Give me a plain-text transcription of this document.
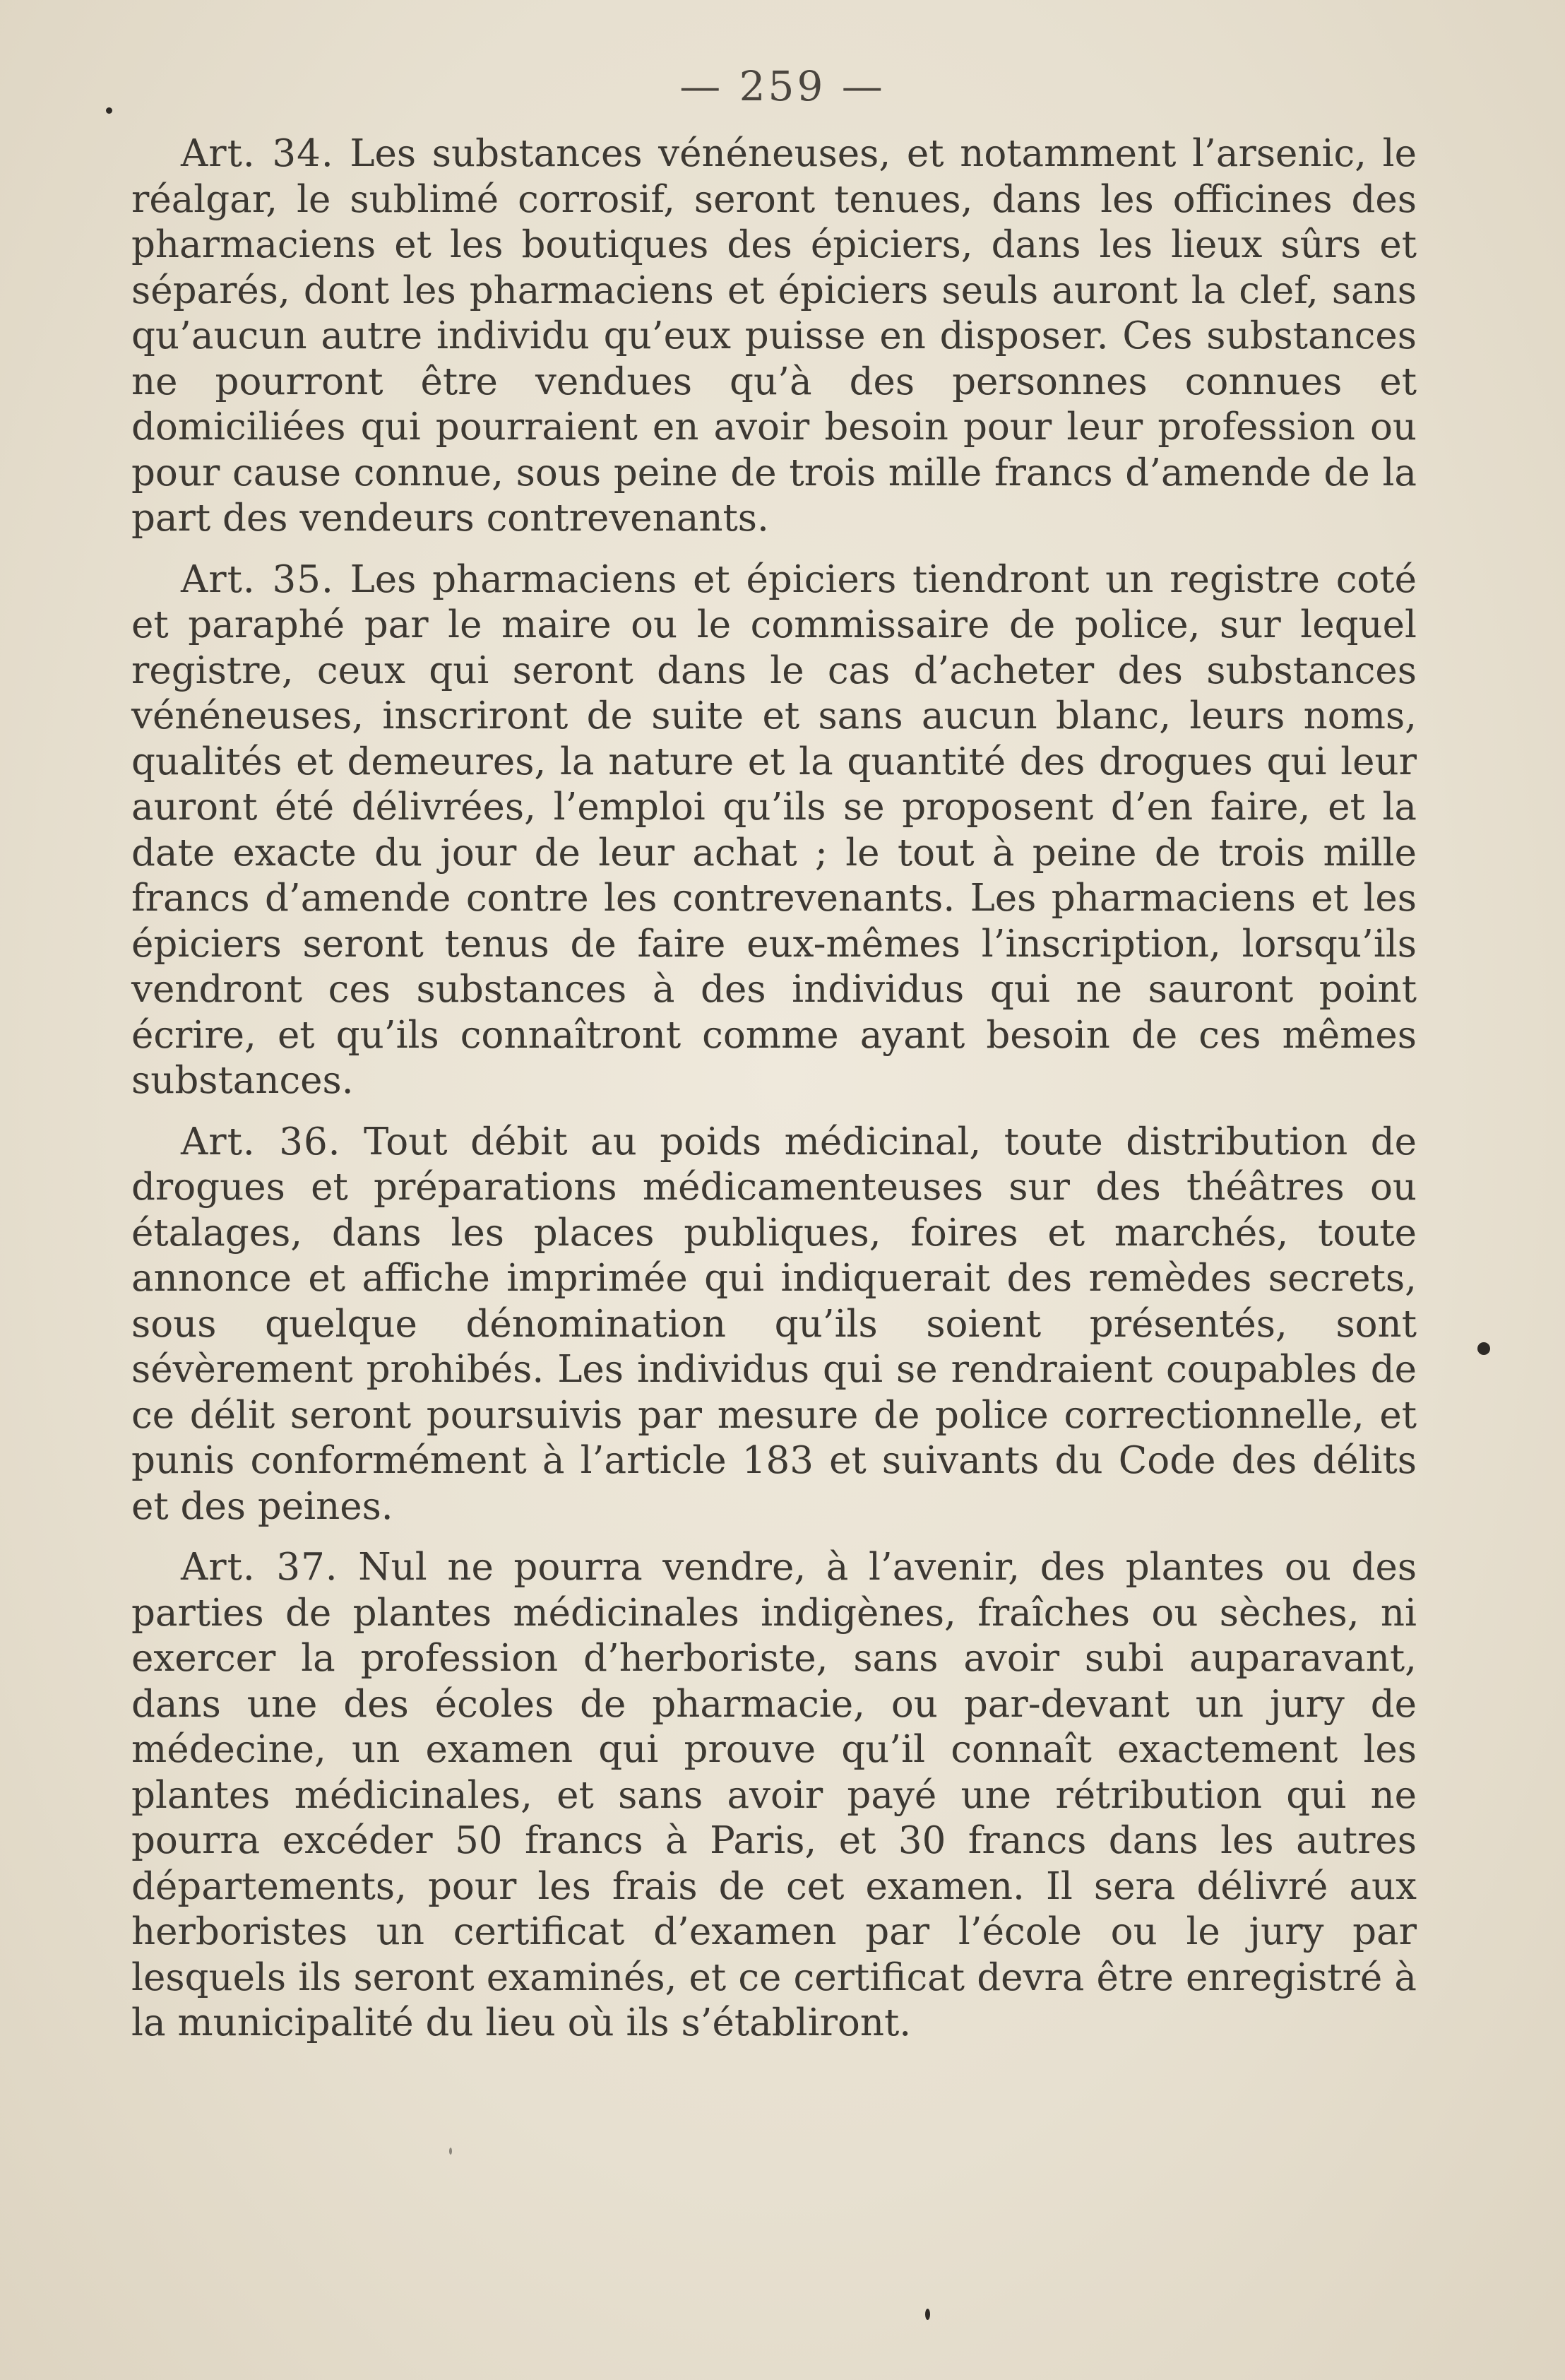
— 259 —

Art. 34. Les substances vénéneuses, et notamment l’arsenic, le réalgar, le sublimé corrosif, seront tenues, dans les officines des pharmaciens et les boutiques des épiciers, dans les lieux sûrs et séparés, dont les pharmaciens et épiciers seuls auront la clef, sans qu’aucun autre individu qu’eux puisse en disposer. Ces substances ne pourront être vendues qu’à des personnes connues et domiciliées qui pourraient en avoir besoin pour leur profession ou pour cause connue, sous peine de trois mille francs d’amende de la part des vendeurs contrevenants.

Art. 35. Les pharmaciens et épiciers tiendront un registre coté et paraphé par le maire ou le commissaire de police, sur lequel registre, ceux qui seront dans le cas d’acheter des substances vénéneuses, inscriront de suite et sans aucun blanc, leurs noms, qualités et demeures, la nature et la quantité des drogues qui leur auront été délivrées, l’emploi qu’ils se proposent d’en faire, et la date exacte du jour de leur achat ; le tout à peine de trois mille francs d’amende contre les contrevenants. Les pharmaciens et les épiciers seront tenus de faire eux-mêmes l’inscription, lorsqu’ils vendront ces substances à des individus qui ne sauront point écrire, et qu’ils connaîtront comme ayant besoin de ces mêmes substances.

Art. 36. Tout débit au poids médicinal, toute distribution de drogues et préparations médicamenteuses sur des théâtres ou étalages, dans les places publiques, foires et marchés, toute annonce et affiche imprimée qui indiquerait des remèdes secrets, sous quelque dénomination qu’ils soient présentés, sont sévèrement prohibés. Les individus qui se rendraient coupables de ce délit seront poursuivis par mesure de police correctionnelle, et punis conformément à l’article 183 et suivants du Code des délits et des peines.

Art. 37. Nul ne pourra vendre, à l’avenir, des plantes ou des parties de plantes médicinales indigènes, fraîches ou sèches, ni exercer la profession d’herboriste, sans avoir subi auparavant, dans une des écoles de pharmacie, ou par-devant un jury de médecine, un examen qui prouve qu’il connaît exactement les plantes médicinales, et sans avoir payé une rétribution qui ne pourra excéder 50 francs à Paris, et 30 francs dans les autres départements, pour les frais de cet examen. Il sera délivré aux herboristes un certificat d’examen par l’école ou le jury par lesquels ils seront examinés, et ce certificat devra être enregistré à la municipalité du lieu où ils s’établiront.
